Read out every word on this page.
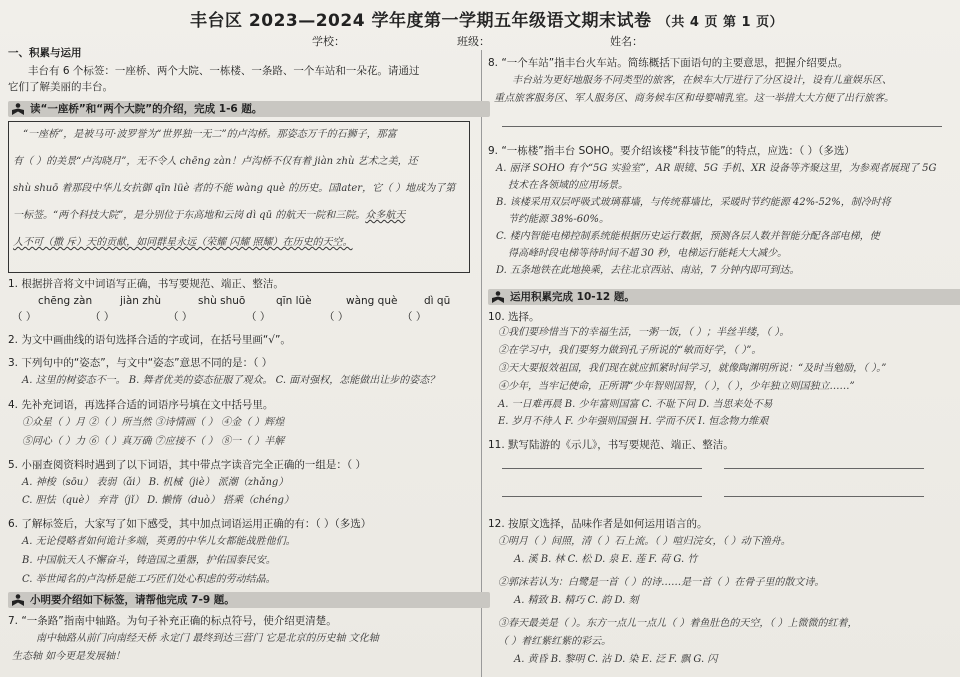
丰台区 2023—2024 学年度第一学期五年级语文期末试卷 （共 4 页 第 1 页）
学校：	班级：	姓名：
一、积累与运用
丰台有 6 个标签：一座桥、两个大院、一栋楼、一条路、一个车站和一朵花。请通过
它们了解美丽的丰台。
读“一座桥”和“两个大院”的介绍，完成 1-6 题。
“一座桥”，是被马可·波罗誉为“世界独一无二”的卢沟桥。那姿态万千的石狮子，那富
有（ ）的美景“卢沟晓月”，无不令人 chēng zàn！卢沟桥不仅有着 jiàn zhù 艺术之美，还
shù shuō 着那段中华儿女抗御 qīn lüè 者的不能 wàng què 的历史。国later，它（ ）地成为了第
一标签。“两个科技大院”，是分别位于东高地和云岗 dì qū 的航天一院和三院。众多航天
人不可（撒 斥）天的贡献，如同群星永远（荣耀 闪耀 照耀）在历史的天空。
1. 根据拼音将文中词语写正确，书写要规范、端正、整洁。
chēng zàn	jiàn zhù	shù shuō	qīn lüè	wàng què	dì qū
（ ）	（ ）	（ ）	（ ）	（ ）	（ ）
2. 为文中画曲线的语句选择合适的字或词，在括号里画“√”。
3. 下列句中的“姿态”，与文中“姿态”意思不同的是：（ ）
A. 这里的树姿态不一。 B. 舞者优美的姿态征服了观众。 C. 面对强权，怎能做出让步的姿态？
4. 先补充词语，再选择合适的词语序号填在文中括号里。
①众星（ ）月 ②（ ）所当然 ③诗情画（ ） ④金（ ）辉煌
⑤同心（ ）力 ⑥（ ）真万确 ⑦应接不（ ） ⑧一（ ）半解
5. 小丽查阅资料时遇到了以下词语，其中带点字读音完全正确的一组是：（ ）
A. 神梭（sōu） 表弱（ǎi） B. 机械（jiè） 派潮（zhǎng）
C. 胆怯（què） 弃背（jǐ） D. 懒惰（duò） 搭乘（chéng）
6. 了解标签后，大家写了如下感受，其中加点词语运用正确的有：（ ）（多选）
A. 无论侵略者如何诡计多端，英勇的中华儿女都能战胜他们。
B. 中国航天人不懈奋斗，铸造国之重器，护佑国泰民安。
C. 举世闻名的卢沟桥是能工巧匠们处心积虑的劳动结晶。
小明要介绍如下标签，请帮他完成 7-9 题。
7. “一条路”指南中轴路。为句子补充正确的标点符号，使介绍更清楚。
南中轴路从前门向南经天桥 永定门 最终到达三营门 它是北京的历史轴 文化轴
生态轴 如今更是发展轴！
8. “一个车站”指丰台火车站。简练概括下面语句的主要意思，把握介绍要点。
丰台站为更好地服务不同类型的旅客，在候车大厅进行了分区设计，设有儿童娱乐区、
重点旅客服务区、军人服务区、商务候车区和母婴哺乳室。这一举措大大方便了出行旅客。
9. “一栋楼”指丰台 SOHO。要介绍该楼“科技节能”的特点，应选：（ ）（多选）
A. 丽泽 SOHO 有个“5G 实验室”，AR 眼镜、5G 手机、XR 设备等齐聚这里，为参观者展现了 5G
技术在各领域的应用场景。
B. 该楼采用双层呼吸式玻璃幕墙，与传统幕墙比，采暖时节约能源 42%-52%，制冷时将
节约能源 38%-60%。
C. 楼内智能电梯控制系统能根据历史运行数据，预测各层人数并智能分配各部电梯，使
得高峰时段电梯等待时间不超 30 秒，电梯运行能耗大大减少。
D. 五条地铁在此地换乘，去往北京西站、南站，7 分钟内即可到达。
运用积累完成 10-12 题。
10. 选择。
①我们要珍惜当下的幸福生活，一粥一饭，（ ）；半丝半缕，（ ）。
②在学习中，我们要努力做到孔子所说的“敏而好学，（ ）”。
③天大要报效祖国，我们现在就应抓紧时间学习，就像陶渊明所说：“及时当勉励，（ ）。”
④少年，当牢记使命，正所谓“少年智则国智，（ ），（ ），少年独立则国独立……”
A. 一日难再晨 B. 少年富则国富 C. 不耻下问 D. 当思来处不易
E. 岁月不待人 F. 少年强则国强 H. 学而不厌 I. 恒念物力维艰
11. 默写陆游的《示儿》，书写要规范、端正、整洁。
12. 按原文选择，品味作者是如何运用语言的。
①明月（ ）间照，清（ ）石上流。（ ）喧归浣女，（ ）动下渔舟。
A. 溪 B. 林 C. 松 D. 泉 E. 莲 F. 荷 G. 竹
②郭沫若认为：白鹭是一首（ ）的诗……是一首（ ）在骨子里的散文诗。
A. 精致 B. 精巧 C. 韵 D. 刻
③春天最美是（ ）。东方一点儿一点儿（ ）着鱼肚色的天空，（ ）上微微的红着，
（ ）着红紫红紫的彩云。
A. 黄昏 B. 黎明 C. 沾 D. 染 E. 泛 F. 飘 G. 闪
